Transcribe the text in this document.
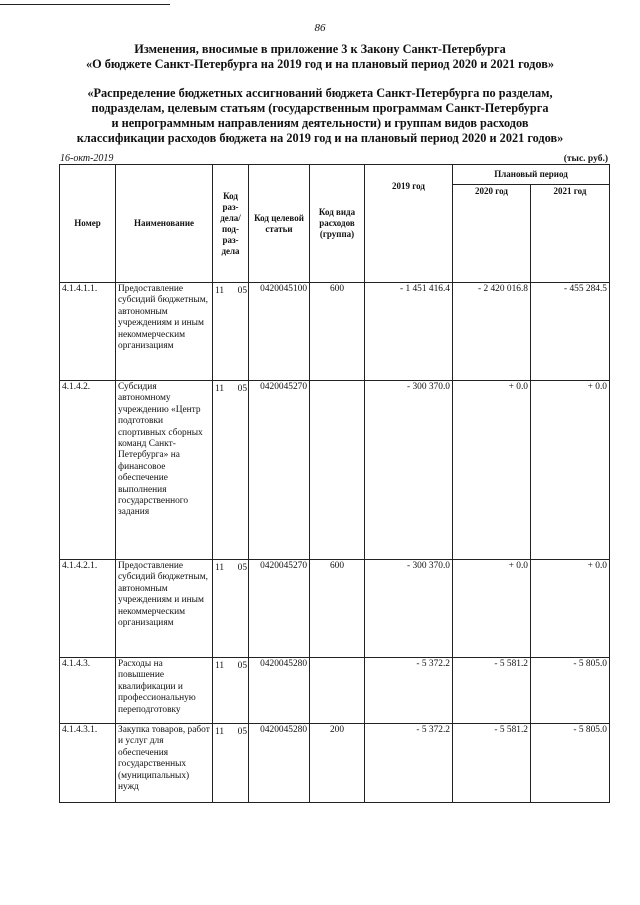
86
Изменения, вносимые в приложение 3 к Закону Санкт-Петербурга
«О бюджете Санкт-Петербурга на 2019 год и на плановый период 2020 и 2021 годов»
«Распределение бюджетных ассигнований бюджета Санкт-Петербурга по разделам,
подразделам, целевым статьям (государственным программам Санкт-Петербурга
и непрограммным направлениям деятельности) и группам видов расходов
классификации расходов бюджета на 2019 год и на плановый период 2020 и 2021 годов»
16-окт-2019	(тыс. руб.)
Номер	Наименование	Код раз-дела/ под-раз-дела	Код целевой статьи	Код вида расходов (группа)	2019 год	Плановый период	
						2020 год	2021 год
4.1.4.1.1.	Предоставление субсидий бюджетным, автономным учреждениям и иным некоммерческим организациям	11 05	0420045100	600	- 1 451 416.4	- 2 420 016.8	- 455 284.5
4.1.4.2.	Субсидия автономному учреждению «Центр подготовки спортивных сборных команд Санкт-Петербурга» на финансовое обеспечение выполнения государственного задания	11 05	0420045270		- 300 370.0	+ 0.0	+ 0.0
4.1.4.2.1.	Предоставление субсидий бюджетным, автономным учреждениям и иным некоммерческим организациям	11 05	0420045270	600	- 300 370.0	+ 0.0	+ 0.0
4.1.4.3.	Расходы на повышение квалификации и профессиональную переподготовку	11 05	0420045280		- 5 372.2	- 5 581.2	- 5 805.0
4.1.4.3.1.	Закупка товаров, работ и услуг для обеспечения государственных (муниципальных) нужд	11 05	0420045280	200	- 5 372.2	- 5 581.2	- 5 805.0
